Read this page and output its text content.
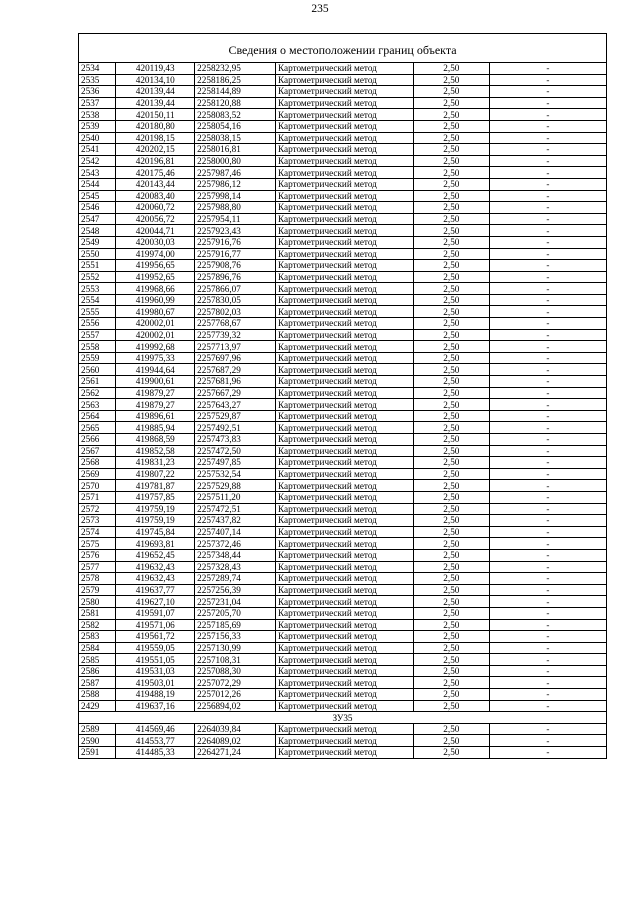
235
Сведения о местоположении границ объекта					
2534	420119,43	2258232,95	Картометрический метод	2,50	-
2535	420134,10	2258186,25	Картометрический метод	2,50	-
2536	420139,44	2258144,89	Картометрический метод	2,50	-
2537	420139,44	2258120,88	Картометрический метод	2,50	-
2538	420150,11	2258083,52	Картометрический метод	2,50	-
2539	420180,80	2258054,16	Картометрический метод	2,50	-
2540	420198,15	2258038,15	Картометрический метод	2,50	-
2541	420202,15	2258016,81	Картометрический метод	2,50	-
2542	420196,81	2258000,80	Картометрический метод	2,50	-
2543	420175,46	2257987,46	Картометрический метод	2,50	-
2544	420143,44	2257986,12	Картометрический метод	2,50	-
2545	420083,40	2257998,14	Картометрический метод	2,50	-
2546	420060,72	2257988,80	Картометрический метод	2,50	-
2547	420056,72	2257954,11	Картометрический метод	2,50	-
2548	420044,71	2257923,43	Картометрический метод	2,50	-
2549	420030,03	2257916,76	Картометрический метод	2,50	-
2550	419974,00	2257916,77	Картометрический метод	2,50	-
2551	419956,65	2257908,76	Картометрический метод	2,50	-
2552	419952,65	2257896,76	Картометрический метод	2,50	-
2553	419968,66	2257866,07	Картометрический метод	2,50	-
2554	419960,99	2257830,05	Картометрический метод	2,50	-
2555	419980,67	2257802,03	Картометрический метод	2,50	-
2556	420002,01	2257768,67	Картометрический метод	2,50	-
2557	420002,01	2257739,32	Картометрический метод	2,50	-
2558	419992,68	2257713,97	Картометрический метод	2,50	-
2559	419975,33	2257697,96	Картометрический метод	2,50	-
2560	419944,64	2257687,29	Картометрический метод	2,50	-
2561	419900,61	2257681,96	Картометрический метод	2,50	-
2562	419879,27	2257667,29	Картометрический метод	2,50	-
2563	419879,27	2257643,27	Картометрический метод	2,50	-
2564	419896,61	2257529,87	Картометрический метод	2,50	-
2565	419885,94	2257492,51	Картометрический метод	2,50	-
2566	419868,59	2257473,83	Картометрический метод	2,50	-
2567	419852,58	2257472,50	Картометрический метод	2,50	-
2568	419831,23	2257497,85	Картометрический метод	2,50	-
2569	419807,22	2257532,54	Картометрический метод	2,50	-
2570	419781,87	2257529,88	Картометрический метод	2,50	-
2571	419757,85	2257511,20	Картометрический метод	2,50	-
2572	419759,19	2257472,51	Картометрический метод	2,50	-
2573	419759,19	2257437,82	Картометрический метод	2,50	-
2574	419745,84	2257407,14	Картометрический метод	2,50	-
2575	419693,81	2257372,46	Картометрический метод	2,50	-
2576	419652,45	2257348,44	Картометрический метод	2,50	-
2577	419632,43	2257328,43	Картометрический метод	2,50	-
2578	419632,43	2257289,74	Картометрический метод	2,50	-
2579	419637,77	2257256,39	Картометрический метод	2,50	-
2580	419627,10	2257231,04	Картометрический метод	2,50	-
2581	419591,07	2257205,70	Картометрический метод	2,50	-
2582	419571,06	2257185,69	Картометрический метод	2,50	-
2583	419561,72	2257156,33	Картометрический метод	2,50	-
2584	419559,05	2257130,99	Картометрический метод	2,50	-
2585	419551,05	2257108,31	Картометрический метод	2,50	-
2586	419531,03	2257088,30	Картометрический метод	2,50	-
2587	419503,01	2257072,29	Картометрический метод	2,50	-
2588	419488,19	2257012,26	Картометрический метод	2,50	-
2429	419637,16	2256894,02	Картометрический метод	2,50	-
ЗУ35					
2589	414569,46	2264039,84	Картометрический метод	2,50	-
2590	414553,77	2264089,02	Картометрический метод	2,50	-
2591	414485,33	2264271,24	Картометрический метод	2,50	-
